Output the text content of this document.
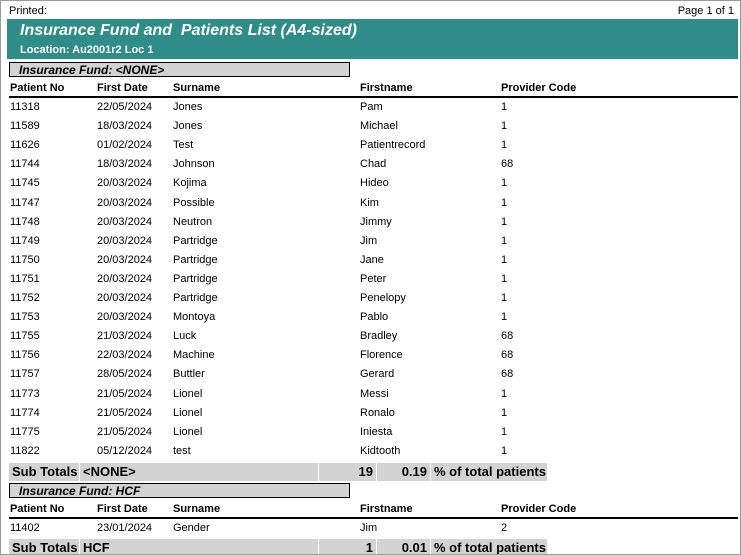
Printed:	Page 1 of 1
Insurance Fund and  Patients List (A4-sized)
Location: Au2001r2 Loc 1
Insurance Fund: <NONE>
Patient No	First Date Surname	Firstname	Provider Code
11318	22/05/2024 Jones	Pam	1
11589	18/03/2024 Jones	Michael	1
11626	01/02/2024 Test	Patientrecord	1
11744	18/03/2024 Johnson	Chad	68
11745	20/03/2024 Kojima	Hideo	1
11747	20/03/2024 Possible	Kim	1
11748	20/03/2024 Neutron	Jimmy	1
11749	20/03/2024 Partridge	Jim	1
11750	20/03/2024 Partridge	Jane	1
11751	20/03/2024 Partridge	Peter	1
11752	20/03/2024 Partridge	Penelopy	1
11753	20/03/2024 Montoya	Pablo	1
11755	21/03/2024 Luck	Bradley	68
11756	22/03/2024 Machine	Florence	68
11757	28/05/2024 Buttler	Gerard	68
11773	21/05/2024 Lionel	Messi	1
11774	21/05/2024 Lionel	Ronalo	1
11775	21/05/2024 Lionel	Iniesta	1
11822	05/12/2024 test	Kidtooth	1
Sub Totals <NONE>	19	0.19 % of total patients
Insurance Fund: HCF
Patient No	First Date Surname	Firstname	Provider Code
11402	23/01/2024 Gender	Jim	2
Sub Totals HCF	1	0.01 % of total patients
